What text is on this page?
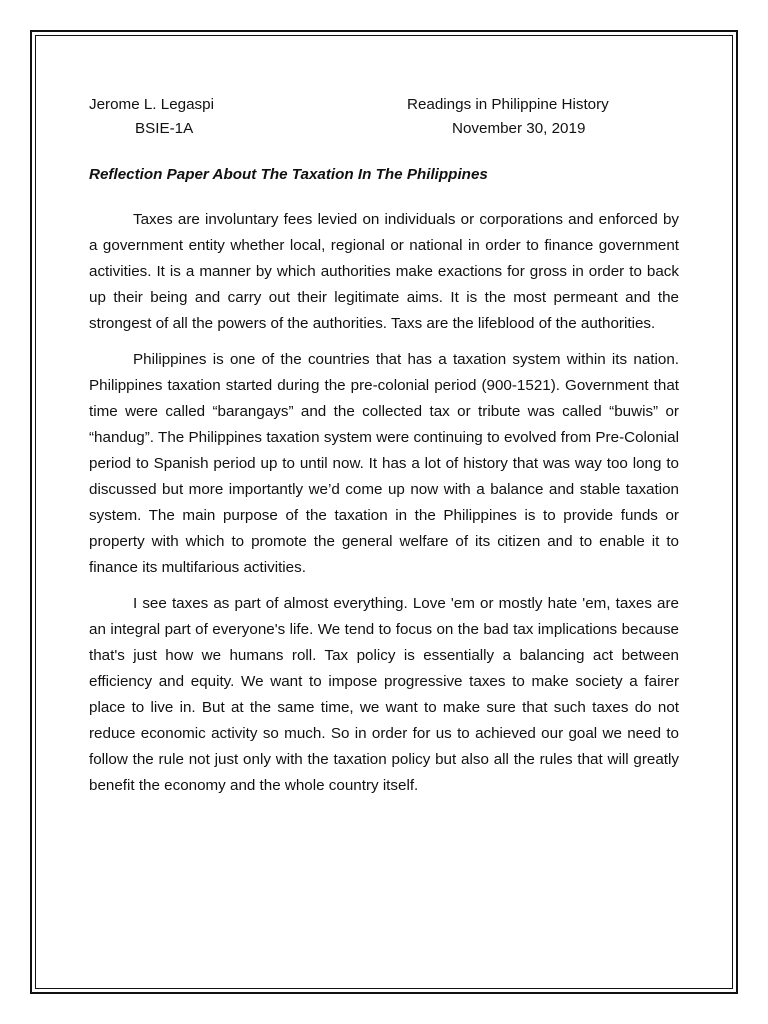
Jerome L. Legaspi	Readings in Philippine History
BSIE-1A	November 30, 2019
Reflection Paper About The Taxation In The Philippines

Taxes are involuntary fees levied on individuals or corporations and enforced by a government entity whether local, regional or national in order to finance government activities. It is a manner by which authorities make exactions for gross in order to back up their being and carry out their legitimate aims. It is the most permeant and the strongest of all the powers of the authorities. Taxs are the lifeblood of the authorities.

Philippines is one of the countries that has a taxation system within its nation. Philippines taxation started during the pre-colonial period (900-1521). Government that time were called “barangays” and the collected tax or tribute was called “buwis” or “handug”. The Philippines taxation system were continuing to evolved from Pre-Colonial period to Spanish period up to until now. It has a lot of history that was way too long to discussed but more importantly we’d come up now with a balance and stable taxation system. The main purpose of the taxation in the Philippines is to provide funds or property with which to promote the general welfare of its citizen and to enable it to finance its multifarious activities.

I see taxes as part of almost everything. Love 'em or mostly hate 'em, taxes are an integral part of everyone's life. We tend to focus on the bad tax implications because that's just how we humans roll. Tax policy is essentially a balancing act between efficiency and equity. We want to impose progressive taxes to make society a fairer place to live in. But at the same time, we want to make sure that such taxes do not reduce economic activity so much. So in order for us to achieved our goal we need to follow the rule not just only with the taxation policy but also all the rules that will greatly benefit the economy and the whole country itself.
